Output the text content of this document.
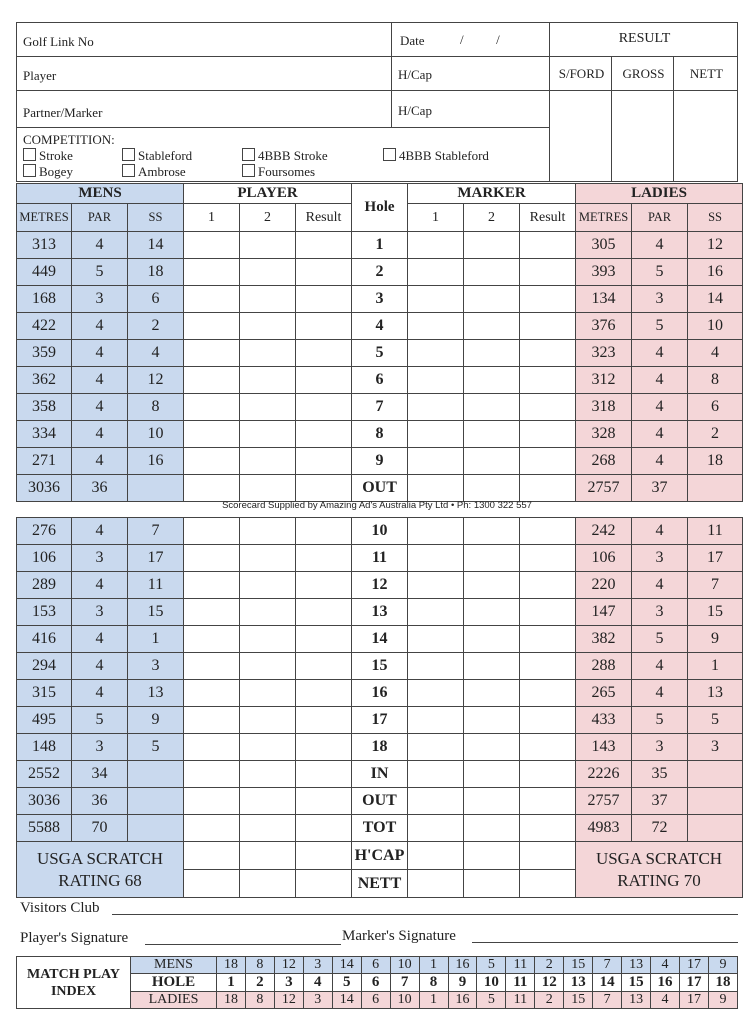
Golf Link No	Date	/          /	RESULT
Player	H/Cap	S/FORD	GROSS	NETT
Partner/Marker	H/Cap
COMPETITION:
Stroke	Stableford	4BBB Stroke	4BBB Stableford
Bogey	Ambrose	Foursomes
MENS			PLAYER			Hole	MARKER			LADIES		
METRES	PAR	SS	1	2	Result		1	2	Result	METRES	PAR	SS
313	4	14				1				305	4	12
449	5	18				2				393	5	16
168	3	6				3				134	3	14
422	4	2				4				376	5	10
359	4	4				5				323	4	4
362	4	12				6				312	4	8
358	4	8				7				318	4	6
334	4	10				8				328	4	2
271	4	16				9				268	4	18
3036	36					OUT				2757	37	
Scorecard Supplied by Amazing Ad's Australia Pty Ltd • Ph: 1300 322 557
276	4	7				10				242	4	11
106	3	17				11				106	3	17
289	4	11				12				220	4	7
153	3	15				13				147	3	15
416	4	1				14				382	5	9
294	4	3				15				288	4	1
315	4	13				16				265	4	13
495	5	9				17				433	5	5
148	3	5				18				143	3	3
2552	34					IN				2226	35	
3036	36					OUT				2757	37	
5588	70					TOT				4983	72	
USGA SCRATCH RATING 68						H'CAP				USGA SCRATCH RATING 70		
						NETT						
Visitors Club
Player's Signature	Marker's Signature
MATCH PLAY INDEX	MENS	18	8	12	3	14	6	10	1	16	5	11	2	15	7	13	4	17	9
	HOLE	1	2	3	4	5	6	7	8	9	10	11	12	13	14	15	16	17	18
	LADIES	18	8	12	3	14	6	10	1	16	5	11	2	15	7	13	4	17	9
